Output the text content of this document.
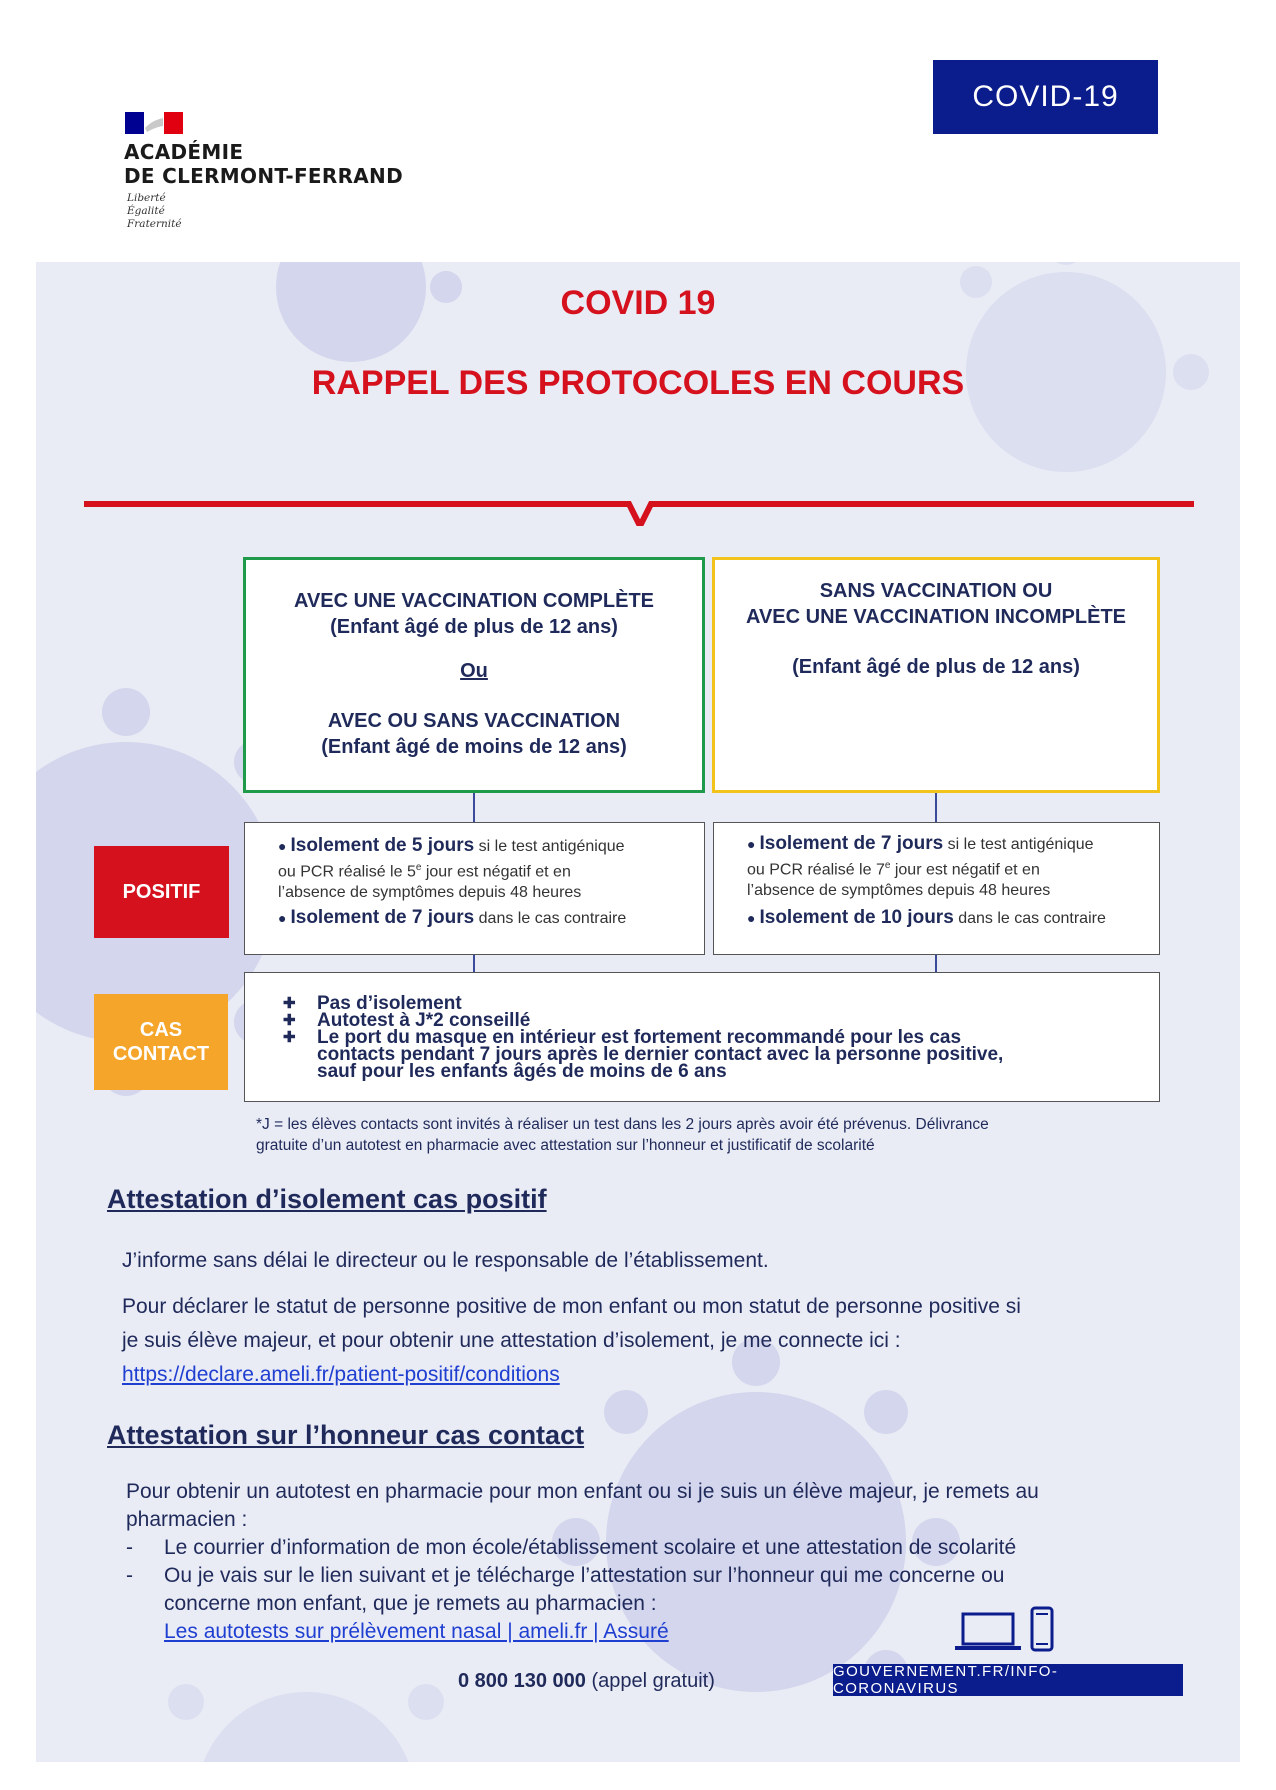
ACADÉMIE
DE CLERMONT-FERRAND
Liberté
Égalité
Fraternité
COVID-19
COVID 19
RAPPEL DES PROTOCOLES EN COURS
AVEC UNE VACCINATION COMPLÈTE
(Enfant âgé de plus de 12 ans)
Ou
AVEC OU SANS VACCINATION
(Enfant âgé de moins de 12 ans)
SANS VACCINATION OU
AVEC UNE VACCINATION INCOMPLÈTE
(Enfant âgé de plus de 12 ans)
POSITIF
● Isolement de 5 jours si le test antigénique
ou PCR réalisé le 5e jour est négatif et en
l’absence de symptômes depuis 48 heures
● Isolement de 7 jours dans le cas contraire
● Isolement de 7 jours si le test antigénique
ou PCR réalisé le 7e jour est négatif et en
l’absence de symptômes depuis 48 heures
● Isolement de 10 jours dans le cas contraire
CAS
CONTACT
✚	Pas d’isolement
✚	Autotest à J*2 conseillé
✚	Le port du masque en intérieur est fortement recommandé pour les cas
contacts pendant 7 jours après le dernier contact avec la personne positive,
sauf pour les enfants âgés de moins de 6 ans
*J = les élèves contacts sont invités à réaliser un test dans les 2 jours après avoir été prévenus. Délivrance
gratuite d’un autotest en pharmacie avec attestation sur l’honneur et justificatif de scolarité
Attestation d’isolement cas positif
J’informe sans délai le directeur ou le responsable de l’établissement.
Pour déclarer le statut de personne positive de mon enfant ou mon statut de personne positive si
je suis élève majeur, et pour obtenir une attestation d’isolement, je me connecte ici :
https://declare.ameli.fr/patient-positif/conditions
Attestation sur l’honneur cas contact
Pour obtenir un autotest en pharmacie pour mon enfant ou si je suis un élève majeur, je remets au
pharmacien :
-	Le courrier d’information de mon école/établissement scolaire et une attestation de scolarité
-	Ou je vais sur le lien suivant et je télécharge l’attestation sur l’honneur qui me concerne ou
concerne mon enfant, que je remets au pharmacien :
Les autotests sur prélèvement nasal | ameli.fr | Assuré
0 800 130 000 (appel gratuit)	GOUVERNEMENT.FR/INFO-CORONAVIRUS
